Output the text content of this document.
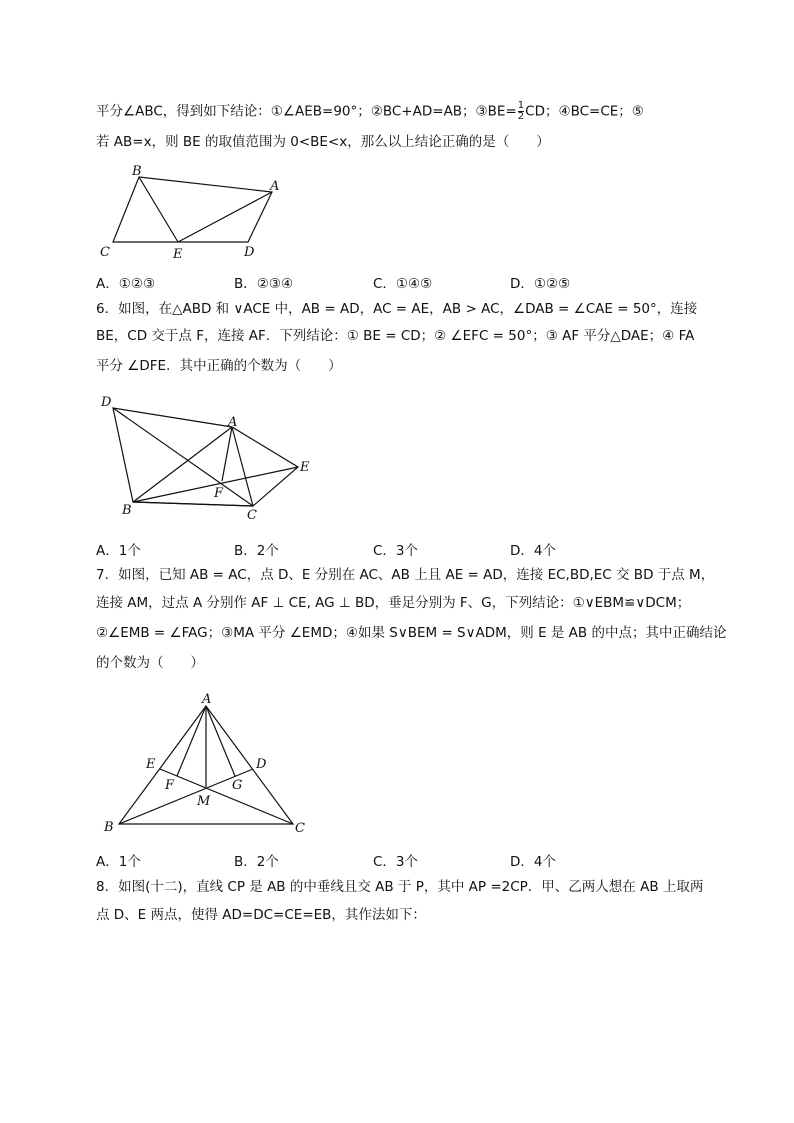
平分∠ABC，得到如下结论：①∠AEB=90°；②BC+AD=AB；③BE= $\frac{1}{2}$ CD；④BC=CE；⑤
若 AB=x，则 BE 的取值范围为 0<BE<x，那么以上结论正确的是（　　）
B
A
C	E	D
A．①②③	B．②③④	C．①④⑤	D．①②⑤
6．如图，在△ABD 和 ∨ACE 中，AB = AD，AC = AE，AB > AC，∠DAB = ∠CAE = 50°，连接
BE，CD 交于点 F，连接 AF．下列结论：① BE = CD；② ∠EFC = 50°；③ AF 平分△DAE；④ FA
平分 ∠DFE．其中正确的个数为（　　）
D
A
E
F
B	C
A．1个	B．2个	C．3个	D．4个
7．如图，已知 AB = AC，点 D、E 分别在 AC、AB 上且 AE = AD，连接 EC,BD,EC 交 BD 于点 M，
连接 AM，过点 A 分别作 AF ⊥ CE, AG ⊥ BD，垂足分别为 F、G，下列结论：①∨EBM≌∨DCM；
②∠EMB = ∠FAG；③MA 平分 ∠EMD；④如果 S∨BEM = S∨ADM，则 E 是 AB 的中点；其中正确结论
的个数为（　　）
A
E	D
F	G
M
B	C
A．1个	B．2个	C．3个	D．4个
8．如图(十二)，直线 CP 是 AB 的中垂线且交 AB 于 P，其中 AP =2CP．甲、乙两人想在 AB 上取两
点 D、E 两点，使得 AD=DC=CE=EB，其作法如下：
